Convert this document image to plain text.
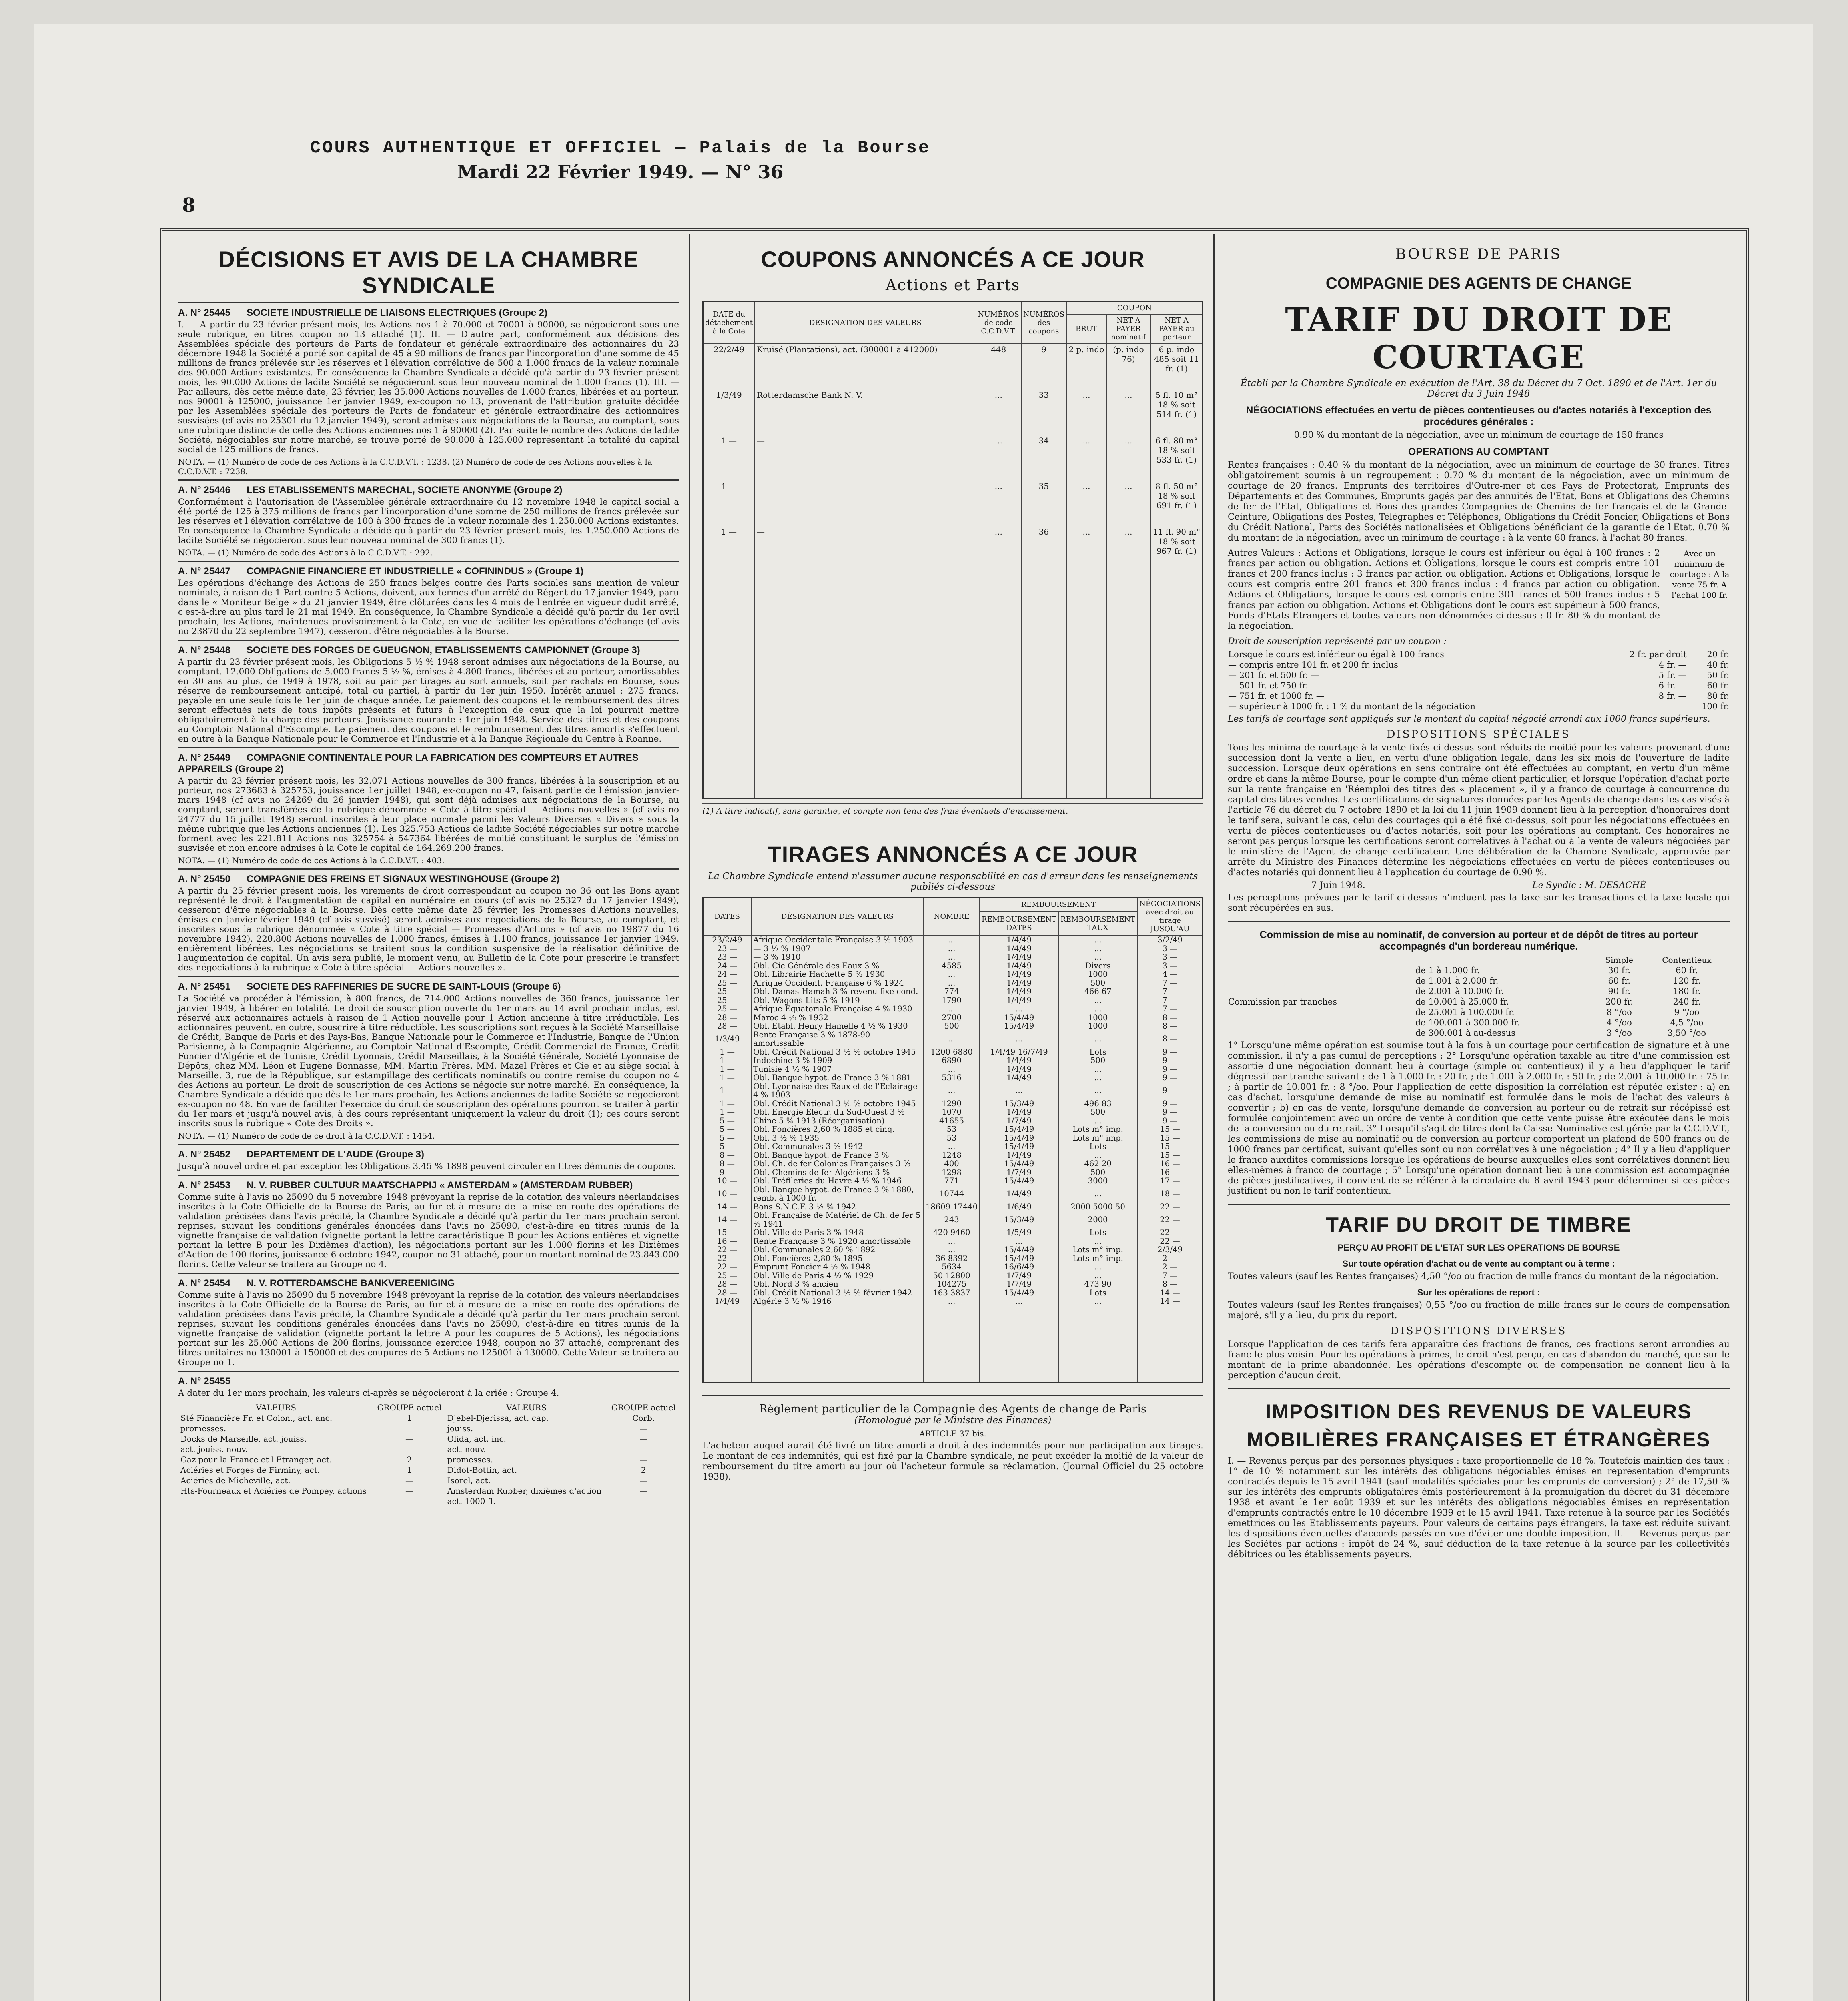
COURS AUTHENTIQUE ET OFFICIEL — Palais de la Bourse
Mardi 22 Février 1949. — N° 36
8
DÉCISIONS ET AVIS DE LA CHAMBRE SYNDICALE
A. N° 25445 SOCIETE INDUSTRIELLE DE LIAISONS ELECTRIQUES (Groupe 2)
I. — A partir du 23 février présent mois, les Actions nos 1 à 70.000 et 70001 à 90000, se négocieront sous une seule rubrique, en titres coupon no 13 attaché (1). II. — D'autre part, conformément aux décisions des Assemblées spéciale des porteurs de Parts de fondateur et générale extraordinaire des actionnaires du 23 décembre 1948 la Société a porté son capital de 45 à 90 millions de francs par l'incorporation d'une somme de 45 millions de francs prélevée sur les réserves et l'élévation corrélative de 500 à 1.000 francs de la valeur nominale des 90.000 Actions existantes. En conséquence la Chambre Syndicale a décidé qu'à partir du 23 février présent mois, les 90.000 Actions de ladite Société se négocieront sous leur nouveau nominal de 1.000 francs (1). III. — Par ailleurs, dès cette même date, 23 février, les 35.000 Actions nouvelles de 1.000 francs, libérées et au porteur, nos 90001 à 125000, jouissance 1er janvier 1949, ex-coupon no 13, provenant de l'attribution gratuite décidée par les Assemblées spéciale des porteurs de Parts de fondateur et générale extraordinaire des actionnaires susvisées (cf avis no 25301 du 12 janvier 1949), seront admises aux négociations de la Bourse, au comptant, sous une rubrique distincte de celle des Actions anciennes nos 1 à 90000 (2). Par suite le nombre des Actions de ladite Société, négociables sur notre marché, se trouve porté de 90.000 à 125.000 représentant la totalité du capital social de 125 millions de francs.
NOTA. — (1) Numéro de code de ces Actions à la C.C.D.V.T. : 1238. (2) Numéro de code de ces Actions nouvelles à la C.C.D.V.T. : 7238.
A. N° 25446 LES ETABLISSEMENTS MARECHAL, SOCIETE ANONYME (Groupe 2)
Conformément à l'autorisation de l'Assemblée générale extraordinaire du 12 novembre 1948 le capital social a été porté de 125 à 375 millions de francs par l'incorporation d'une somme de 250 millions de francs prélevée sur les réserves et l'élévation corrélative de 100 à 300 francs de la valeur nominale des 1.250.000 Actions existantes. En conséquence la Chambre Syndicale a décidé qu'à partir du 23 février présent mois, les 1.250.000 Actions de ladite Société se négocieront sous leur nouveau nominal de 300 francs (1).
NOTA. — (1) Numéro de code des Actions à la C.C.D.V.T. : 292.
A. N° 25447 COMPAGNIE FINANCIERE ET INDUSTRIELLE « COFININDUS » (Groupe 1)
Les opérations d'échange des Actions de 250 francs belges contre des Parts sociales sans mention de valeur nominale, à raison de 1 Part contre 5 Actions, doivent, aux termes d'un arrêté du Régent du 17 janvier 1949, paru dans le « Moniteur Belge » du 21 janvier 1949, être clôturées dans les 4 mois de l'entrée en vigueur dudit arrêté, c'est-à-dire au plus tard le 21 mai 1949. En conséquence, la Chambre Syndicale a décidé qu'à partir du 1er avril prochain, les Actions, maintenues provisoirement à la Cote, en vue de faciliter les opérations d'échange (cf avis no 23870 du 22 septembre 1947), cesseront d'être négociables à la Bourse.
A. N° 25448 SOCIETE DES FORGES DE GUEUGNON, ETABLISSEMENTS CAMPIONNET (Groupe 3)
A partir du 23 février présent mois, les Obligations 5 ½ % 1948 seront admises aux négociations de la Bourse, au comptant. 12.000 Obligations de 5.000 francs 5 ½ %, émises à 4.800 francs, libérées et au porteur, amortissables en 30 ans au plus, de 1949 à 1978, soit au pair par tirages au sort annuels, soit par rachats en Bourse, sous réserve de remboursement anticipé, total ou partiel, à partir du 1er juin 1950. Intérêt annuel : 275 francs, payable en une seule fois le 1er juin de chaque année. Le paiement des coupons et le remboursement des titres seront effectués nets de tous impôts présents et futurs à l'exception de ceux que la loi pourrait mettre obligatoirement à la charge des porteurs. Jouissance courante : 1er juin 1948. Service des titres et des coupons au Comptoir National d'Escompte. Le paiement des coupons et le remboursement des titres amortis s'effectuent en outre à la Banque Nationale pour le Commerce et l'Industrie et à la Banque Régionale du Centre à Roanne.
A. N° 25449 COMPAGNIE CONTINENTALE POUR LA FABRICATION DES COMPTEURS ET AUTRES APPAREILS (Groupe 2)
A partir du 23 février présent mois, les 32.071 Actions nouvelles de 300 francs, libérées à la souscription et au porteur, nos 273683 à 325753, jouissance 1er juillet 1948, ex-coupon no 47, faisant partie de l'émission janvier-mars 1948 (cf avis no 24269 du 26 janvier 1948), qui sont déjà admises aux négociations de la Bourse, au comptant, seront transférées de la rubrique dénommée « Cote à titre spécial — Actions nouvelles » (cf avis no 24777 du 15 juillet 1948) seront inscrites à leur place normale parmi les Valeurs Diverses « Divers » sous la même rubrique que les Actions anciennes (1). Les 325.753 Actions de ladite Société négociables sur notre marché forment avec les 221.811 Actions nos 325754 à 547364 libérées de moitié constituant le surplus de l'émission susvisée et non encore admises à la Cote le capital de 164.269.200 francs.
NOTA. — (1) Numéro de code de ces Actions à la C.C.D.V.T. : 403.
A. N° 25450 COMPAGNIE DES FREINS ET SIGNAUX WESTINGHOUSE (Groupe 2)
A partir du 25 février présent mois, les virements de droit correspondant au coupon no 36 ont les Bons ayant représenté le droit à l'augmentation de capital en numéraire en cours (cf avis no 25327 du 17 janvier 1949), cesseront d'être négociables à la Bourse. Dès cette même date 25 février, les Promesses d'Actions nouvelles, émises en janvier-février 1949 (cf avis susvisé) seront admises aux négociations de la Bourse, au comptant, et inscrites sous la rubrique dénommée « Cote à titre spécial — Promesses d'Actions » (cf avis no 19877 du 16 novembre 1942). 220.800 Actions nouvelles de 1.000 francs, émises à 1.100 francs, jouissance 1er janvier 1949, entièrement libérées. Les négociations se traitent sous la condition suspensive de la réalisation définitive de l'augmentation de capital. Un avis sera publié, le moment venu, au Bulletin de la Cote pour prescrire le transfert des négociations à la rubrique « Cote à titre spécial — Actions nouvelles ».
A. N° 25451 SOCIETE DES RAFFINERIES DE SUCRE DE SAINT-LOUIS (Groupe 6)
La Société va procéder à l'émission, à 800 francs, de 714.000 Actions nouvelles de 360 francs, jouissance 1er janvier 1949, à libérer en totalité. Le droit de souscription ouverte du 1er mars au 14 avril prochain inclus, est réservé aux actionnaires actuels à raison de 1 Action nouvelle pour 1 Action ancienne à titre irréductible. Les actionnaires peuvent, en outre, souscrire à titre réductible. Les souscriptions sont reçues à la Société Marseillaise de Crédit, Banque de Paris et des Pays-Bas, Banque Nationale pour le Commerce et l'Industrie, Banque de l'Union Parisienne, à la Compagnie Algérienne, au Comptoir National d'Escompte, Crédit Commercial de France, Crédit Foncier d'Algérie et de Tunisie, Crédit Lyonnais, Crédit Marseillais, à la Société Générale, Société Lyonnaise de Dépôts, chez MM. Léon et Eugène Bonnasse, MM. Martin Frères, MM. Mazel Frères et Cie et au siège social à Marseille, 3, rue de la République, sur estampillage des certificats nominatifs ou contre remise du coupon no 4 des Actions au porteur. Le droit de souscription de ces Actions se négocie sur notre marché. En conséquence, la Chambre Syndicale a décidé que dès le 1er mars prochain, les Actions anciennes de ladite Société se négocieront ex-coupon no 48. En vue de faciliter l'exercice du droit de souscription des opérations pourront se traiter à partir du 1er mars et jusqu'à nouvel avis, à des cours représentant uniquement la valeur du droit (1); ces cours seront inscrits sous la rubrique « Cote des Droits ».
NOTA. — (1) Numéro de code de ce droit à la C.C.D.V.T. : 1454.
A. N° 25452 DEPARTEMENT DE L'AUDE (Groupe 3)
Jusqu'à nouvel ordre et par exception les Obligations 3.45 % 1898 peuvent circuler en titres démunis de coupons.
A. N° 25453 N. V. RUBBER CULTUUR MAATSCHAPPIJ « AMSTERDAM » (AMSTERDAM RUBBER)
Comme suite à l'avis no 25090 du 5 novembre 1948 prévoyant la reprise de la cotation des valeurs néerlandaises inscrites à la Cote Officielle de la Bourse de Paris, au fur et à mesure de la mise en route des opérations de validation précisées dans l'avis précité, la Chambre Syndicale a décidé qu'à partir du 1er mars prochain seront reprises, suivant les conditions générales énoncées dans l'avis no 25090, c'est-à-dire en titres munis de la vignette française de validation (vignette portant la lettre caractéristique B pour les Actions entières et vignette portant la lettre B pour les Dixièmes d'action), les négociations portant sur les 1.000 florins et les Dixièmes d'Action de 100 florins, jouissance 6 octobre 1942, coupon no 31 attaché, pour un montant nominal de 23.843.000 florins. Cette Valeur se traitera au Groupe no 4.
A. N° 25454 N. V. ROTTERDAMSCHE BANKVEREENIGING
Comme suite à l'avis no 25090 du 5 novembre 1948 prévoyant la reprise de la cotation des valeurs néerlandaises inscrites à la Cote Officielle de la Bourse de Paris, au fur et à mesure de la mise en route des opérations de validation précisées dans l'avis précité, la Chambre Syndicale a décidé qu'à partir du 1er mars prochain seront reprises, suivant les conditions générales énoncées dans l'avis no 25090, c'est-à-dire en titres munis de la vignette française de validation (vignette portant la lettre A pour les coupures de 5 Actions), les négociations portant sur les 25.000 Actions de 200 florins, jouissance exercice 1948, coupon no 37 attaché, comprenant des titres unitaires no 130001 à 150000 et des coupures de 5 Actions no 125001 à 130000. Cette Valeur se traitera au Groupe no 1.
A. N° 25455
A dater du 1er mars prochain, les valeurs ci-après se négocieront à la criée : Groupe 4.
VALEURS	GROUPE actuel	VALEURS	GROUPE actuel
Sté Financière Fr. et Colon., act. anc.	1	Djebel-Djerissa, act. cap.	Corb.
promesses.		jouiss.	—
Docks de Marseille, act. jouiss.	—	Olida, act. inc.	—
act. jouiss. nouv.	—	act. nouv.	—
Gaz pour la France et l'Etranger, act.	2	promesses.	—
Aciéries et Forges de Firminy, act.	1	Didot-Bottin, act.	2
Aciéries de Micheville, act.	—	Isorel, act.	—
Hts-Fourneaux et Aciéries de Pompey, actions	—	Amsterdam Rubber, dixièmes d'action	—
		act. 1000 fl.	—
COUPONS ANNONCÉS A CE JOUR
Actions et Parts
DATE du détachement à la Cote	DÉSIGNATION DES VALEURS	NUMÉROS de code C.C.D.V.T.	NUMÉROS des coupons	COUPON		
				BRUT	NET A PAYER nominatif	NET A PAYER au porteur
22/2/49	Kruisé (Plantations), act. (300001 à 412000)	448	9	2 p. indo	(p. indo 76)	6 p. indo 485 soit 11 fr. (1)
1/3/49	Rotterdamsche Bank N. V.	...	33	...	...	5 fl. 10 m° 18 % soit 514 fr. (1)
1 —	—	...	34	...	...	6 fl. 80 m° 18 % soit 533 fr. (1)
1 —	—	...	35	...	...	8 fl. 50 m° 18 % soit 691 fr. (1)
1 —	—	...	36	...	...	11 fl. 90 m° 18 % soit 967 fr. (1)

(1) A titre indicatif, sans garantie, et compte non tenu des frais éventuels d'encaissement.
TIRAGES ANNONCÉS A CE JOUR
La Chambre Syndicale entend n'assumer aucune responsabilité en cas d'erreur dans les renseignements publiés ci-dessous
DATES	DÉSIGNATION DES VALEURS	NOMBRE	REMBOURSEMENT		NÉGOCIATIONS avec droit au tirage JUSQU'AU
			REMBOURSEMENT DATES	REMBOURSEMENT TAUX	
23/2/49	Afrique Occidentale Française 3 % 1903	...	1/4/49	...	3/2/49
23 —	— 3 ½ % 1907	...	1/4/49	...	3 —
23 —	— 3 % 1910	...	1/4/49	...	3 —
24 —	Obl. Cie Générale des Eaux 3 %	4585	1/4/49	Divers	3 —
24 —	Obl. Librairie Hachette 5 % 1930	...	1/4/49	1000	4 —
25 —	Afrique Occident. Française 6 % 1924	...	1/4/49	500	7 —
25 —	Obl. Damas-Hamah 3 % revenu fixe cond.	774	1/4/49	466 67	7 —
25 —	Obl. Wagons-Lits 5 % 1919	1790	1/4/49	...	7 —
25 —	Afrique Equatoriale Française 4 % 1930	...	...	...	7 —
28 —	Maroc 4 ½ % 1932	2700	15/4/49	1000	8 —
28 —	Obl. Etabl. Henry Hamelle 4 ½ % 1930	500	15/4/49	1000	8 —
1/3/49	Rente Française 3 % 1878-90 amortissable	...	...	...	8 —
1 —	Obl. Crédit National 3 ½ % octobre 1945	1200 6880	1/4/49 16/7/49	Lots	9 —
1 —	Indochine 3 % 1909	6890	1/4/49	500	9 —
1 —	Tunisie 4 ½ % 1907	...	1/4/49	...	9 —
1 —	Obl. Banque hypot. de France 3 % 1881	5316	1/4/49	...	9 —
1 —	Obl. Lyonnaise des Eaux et de l'Eclairage 4 % 1903	...	...	...	9 —
1 —	Obl. Crédit National 3 ½ % octobre 1945	1290	15/3/49	496 83	9 —
1 —	Obl. Energie Electr. du Sud-Ouest 3 %	1070	1/4/49	500	9 —
5 —	Chine 5 % 1913 (Réorganisation)	41655	1/7/49	...	9 —
5 —	Obl. Foncières 2,60 % 1885 et cinq.	53	15/4/49	Lots m° imp.	15 —
5 —	Obl. 3 ½ % 1935	53	15/4/49	Lots m° imp.	15 —
5 —	Obl. Communales 3 % 1942	...	15/4/49	Lots	15 —
8 —	Obl. Banque hypot. de France 3 %	1248	1/4/49	...	15 —
8 —	Obl. Ch. de fer Colonies Françaises 3 %	400	15/4/49	462 20	16 —
9 —	Obl. Chemins de fer Algériens 3 %	1298	1/7/49	500	16 —
10 —	Obl. Tréfileries du Havre 4 ½ % 1946	771	15/4/49	3000	17 —
10 —	Obl. Banque hypot. de France 3 % 1880, remb. à 1000 fr.	10744	1/4/49	...	18 —
14 —	Bons S.N.C.F. 3 ½ % 1942	18609 17440	1/6/49	2000 5000 50	22 —
14 —	Obl. Française de Matériel de Ch. de fer 5 % 1941	243	15/3/49	2000	22 —
15 —	Obl. Ville de Paris 3 % 1948	420 9460	1/5/49	Lots	22 —
16 —	Rente Française 3 % 1920 amortissable	...	...	...	22 —
22 —	Obl. Communales 2,60 % 1892	...	15/4/49	Lots m° imp.	2/3/49
22 —	Obl. Foncières 2,80 % 1895	36 8392	15/4/49	Lots m° imp.	2 —
22 —	Emprunt Foncier 4 ½ % 1948	5634	16/6/49	...	2 —
25 —	Obl. Ville de Paris 4 ½ % 1929	50 12800	1/7/49	...	7 —
28 —	Obl. Nord 3 % ancien	104275	1/7/49	473 90	8 —
28 —	Obl. Crédit National 3 ½ % février 1942	163 3837	15/4/49	Lots	14 —
1/4/49	Algérie 3 ½ % 1946	...	...	...	14 —

Règlement particulier de la Compagnie des Agents de change de Paris
(Homologué par le Ministre des Finances)
ARTICLE 37 bis.
L'acheteur auquel aurait été livré un titre amorti a droit à des indemnités pour non participation aux tirages. Le montant de ces indemnités, qui est fixé par la Chambre syndicale, ne peut excéder la moitié de la valeur de remboursement du titre amorti au jour où l'acheteur formule sa réclamation. (Journal Officiel du 25 octobre 1938).
BOURSE DE PARIS
COMPAGNIE DES AGENTS DE CHANGE
TARIF DU DROIT DE COURTAGE
Établi par la Chambre Syndicale en exécution de l'Art. 38 du Décret du 7 Oct. 1890 et de l'Art. 1er du Décret du 3 Juin 1948
NÉGOCIATIONS effectuées en vertu de pièces contentieuses ou d'actes notariés à l'exception des procédures générales :
0.90 % du montant de la négociation, avec un minimum de courtage de 150 francs
OPERATIONS AU COMPTANT
Rentes françaises : 0.40 % du montant de la négociation, avec un minimum de courtage de 30 francs. Titres obligatoirement soumis à un regroupement : 0.70 % du montant de la négociation, avec un minimum de courtage de 20 francs. Emprunts des territoires d'Outre-mer et des Pays de Protectorat, Emprunts des Départements et des Communes, Emprunts gagés par des annuités de l'Etat, Bons et Obligations des Chemins de fer de l'Etat, Obligations et Bons des grandes Compagnies de Chemins de fer français et de la Grande-Ceinture, Obligations des Postes, Télégraphes et Téléphones, Obligations du Crédit Foncier, Obligations et Bons du Crédit National, Parts des Sociétés nationalisées et Obligations bénéficiant de la garantie de l'Etat. 0.70 % du montant de la négociation, avec un minimum de courtage : à la vente 60 francs, à l'achat 80 francs.
Autres Valeurs : Actions et Obligations, lorsque le cours est inférieur ou égal à 100 francs : 2 francs par action ou obligation. Actions et Obligations, lorsque le cours est compris entre 101 francs et 200 francs inclus : 3 francs par action ou obligation. Actions et Obligations, lorsque le cours est compris entre 201 francs et 300 francs inclus : 4 francs par action ou obligation. Actions et Obligations, lorsque le cours est compris entre 301 francs et 500 francs inclus : 5 francs par action ou obligation. Actions et Obligations dont le cours est supérieur à 500 francs, Fonds d'Etats Etrangers et toutes valeurs non dénommées ci-dessus : 0 fr. 80 % du montant de la négociation.
Avec un minimum de courtage : A la vente 75 fr. A l'achat 100 fr.
Droit de souscription représenté par un coupon :
Lorsque le cours est inférieur ou égal à 100 francs	2 fr. par droit	20 fr.
— compris entre 101 fr. et 200 fr. inclus	4 fr. —	40 fr.
— 201 fr. et 500 fr. —	5 fr. —	50 fr.
— 501 fr. et 750 fr. —	6 fr. —	60 fr.
— 751 fr. et 1000 fr. —	8 fr. —	80 fr.
— supérieur à 1000 fr. : 1 % du montant de la négociation		100 fr.
Les tarifs de courtage sont appliqués sur le montant du capital négocié arrondi aux 1000 francs supérieurs.
DISPOSITIONS SPÉCIALES
Tous les minima de courtage à la vente fixés ci-dessus sont réduits de moitié pour les valeurs provenant d'une succession dont la vente a lieu, en vertu d'une obligation légale, dans les six mois de l'ouverture de ladite succession. Lorsque deux opérations en sens contraire ont été effectuées au comptant, en vertu d'un même ordre et dans la même Bourse, pour le compte d'un même client particulier, et lorsque l'opération d'achat porte sur la rente française en 'Réemploi des titres des « placement », il y a franco de courtage à concurrence du capital des titres vendus. Les certifications de signatures données par les Agents de change dans les cas visés à l'article 76 du décret du 7 octobre 1890 et la loi du 11 juin 1909 donnent lieu à la perception d'honoraires dont le tarif sera, suivant le cas, celui des courtages qui a été fixé ci-dessus, soit pour les négociations effectuées en vertu de pièces contentieuses ou d'actes notariés, soit pour les opérations au comptant. Ces honoraires ne seront pas perçus lorsque les certifications seront corrélatives à l'achat ou à la vente de valeurs négociées par le ministère de l'Agent de change certificateur. Une délibération de la Chambre Syndicale, approuvée par arrêté du Ministre des Finances détermine les négociations effectuées en vertu de pièces contentieuses ou d'actes notariés qui donnent lieu à l'application du courtage de 0.90 %.
7 Juin 1948.	Le Syndic : M. DESACHÉ
Les perceptions prévues par le tarif ci-dessus n'incluent pas la taxe sur les transactions et la taxe locale qui sont récupérées en sus.
Commission de mise au nominatif, de conversion au porteur et de dépôt de titres au porteur accompagnés d'un bordereau numérique.
		Simple	Contentieux
	de 1 à 1.000 fr.	30 fr.	60 fr.
	de 1.001 à 2.000 fr.	60 fr.	120 fr.
	de 2.001 à 10.000 fr.	90 fr.	180 fr.
Commission par tranches	de 10.001 à 25.000 fr.	200 fr.	240 fr.
	de 25.001 à 100.000 fr.	8 °/oo	9 °/oo
	de 100.001 à 300.000 fr.	4 °/oo	4,5 °/oo
	de 300.001 à au-dessus	3 °/oo	3,50 °/oo
1° Lorsqu'une même opération est soumise tout à la fois à un courtage pour certification de signature et à une commission, il n'y a pas cumul de perceptions ; 2° Lorsqu'une opération taxable au titre d'une commission est assortie d'une négociation donnant lieu à courtage (simple ou contentieux) il y a lieu d'appliquer le tarif dégressif par tranche suivant : de 1 à 1.000 fr. : 20 fr. ; de 1.001 à 2.000 fr. : 50 fr. ; de 2.001 à 10.000 fr. : 75 fr. ; à partir de 10.001 fr. : 8 °/oo. Pour l'application de cette disposition la corrélation est réputée exister : a) en cas d'achat, lorsqu'une demande de mise au nominatif est formulée dans le mois de l'achat des valeurs à convertir ; b) en cas de vente, lorsqu'une demande de conversion au porteur ou de retrait sur récépissé est formulée conjointement avec un ordre de vente à condition que cette vente puisse être exécutée dans le mois de la conversion ou du retrait. 3° Lorsqu'il s'agit de titres dont la Caisse Nominative est gérée par la C.C.D.V.T., les commissions de mise au nominatif ou de conversion au porteur comportent un plafond de 500 francs ou de 1000 francs par certificat, suivant qu'elles sont ou non corrélatives à une négociation ; 4° Il y a lieu d'appliquer le franco auxdites commissions lorsque les opérations de bourse auxquelles elles sont corrélatives donnent lieu elles-mêmes à franco de courtage ; 5° Lorsqu'une opération donnant lieu à une commission est accompagnée de pièces justificatives, il convient de se référer à la circulaire du 8 avril 1943 pour déterminer si ces pièces justifient ou non le tarif contentieux.
TARIF DU DROIT DE TIMBRE
PERÇU AU PROFIT DE L'ETAT SUR LES OPERATIONS DE BOURSE
Sur toute opération d'achat ou de vente au comptant ou à terme :
Toutes valeurs (sauf les Rentes françaises) 4,50 °/oo ou fraction de mille francs du montant de la négociation.
Sur les opérations de report :
Toutes valeurs (sauf les Rentes françaises) 0,55 °/oo ou fraction de mille francs sur le cours de compensation majoré, s'il y a lieu, du prix du report.
DISPOSITIONS DIVERSES
Lorsque l'application de ces tarifs fera apparaître des fractions de francs, ces fractions seront arrondies au franc le plus voisin. Pour les opérations à primes, le droit n'est perçu, en cas d'abandon du marché, que sur le montant de la prime abandonnée. Les opérations d'escompte ou de compensation ne donnent lieu à la perception d'aucun droit.
IMPOSITION DES REVENUS DE VALEURS MOBILIÈRES FRANÇAISES ET ÉTRANGÈRES
I. — Revenus perçus par des personnes physiques : taxe proportionnelle de 18 %. Toutefois maintien des taux : 1° de 10 % notamment sur les intérêts des obligations négociables émises en représentation d'emprunts contractés depuis le 15 avril 1941 (sauf modalités spéciales pour les emprunts de conversion) ; 2° de 17,50 % sur les intérêts des emprunts obligataires émis postérieurement à la promulgation du décret du 31 décembre 1938 et avant le 1er août 1939 et sur les intérêts des obligations négociables émises en représentation d'emprunts contractés entre le 10 décembre 1939 et le 15 avril 1941. Taxe retenue à la source par les Sociétés émettrices ou les Etablissements payeurs. Pour valeurs de certains pays étrangers, la taxe est réduite suivant les dispositions éventuelles d'accords passés en vue d'éviter une double imposition. II. — Revenus perçus par les Sociétés par actions : impôt de 24 %, sauf déduction de la taxe retenue à la source par les collectivités débitrices ou les établissements payeurs.
